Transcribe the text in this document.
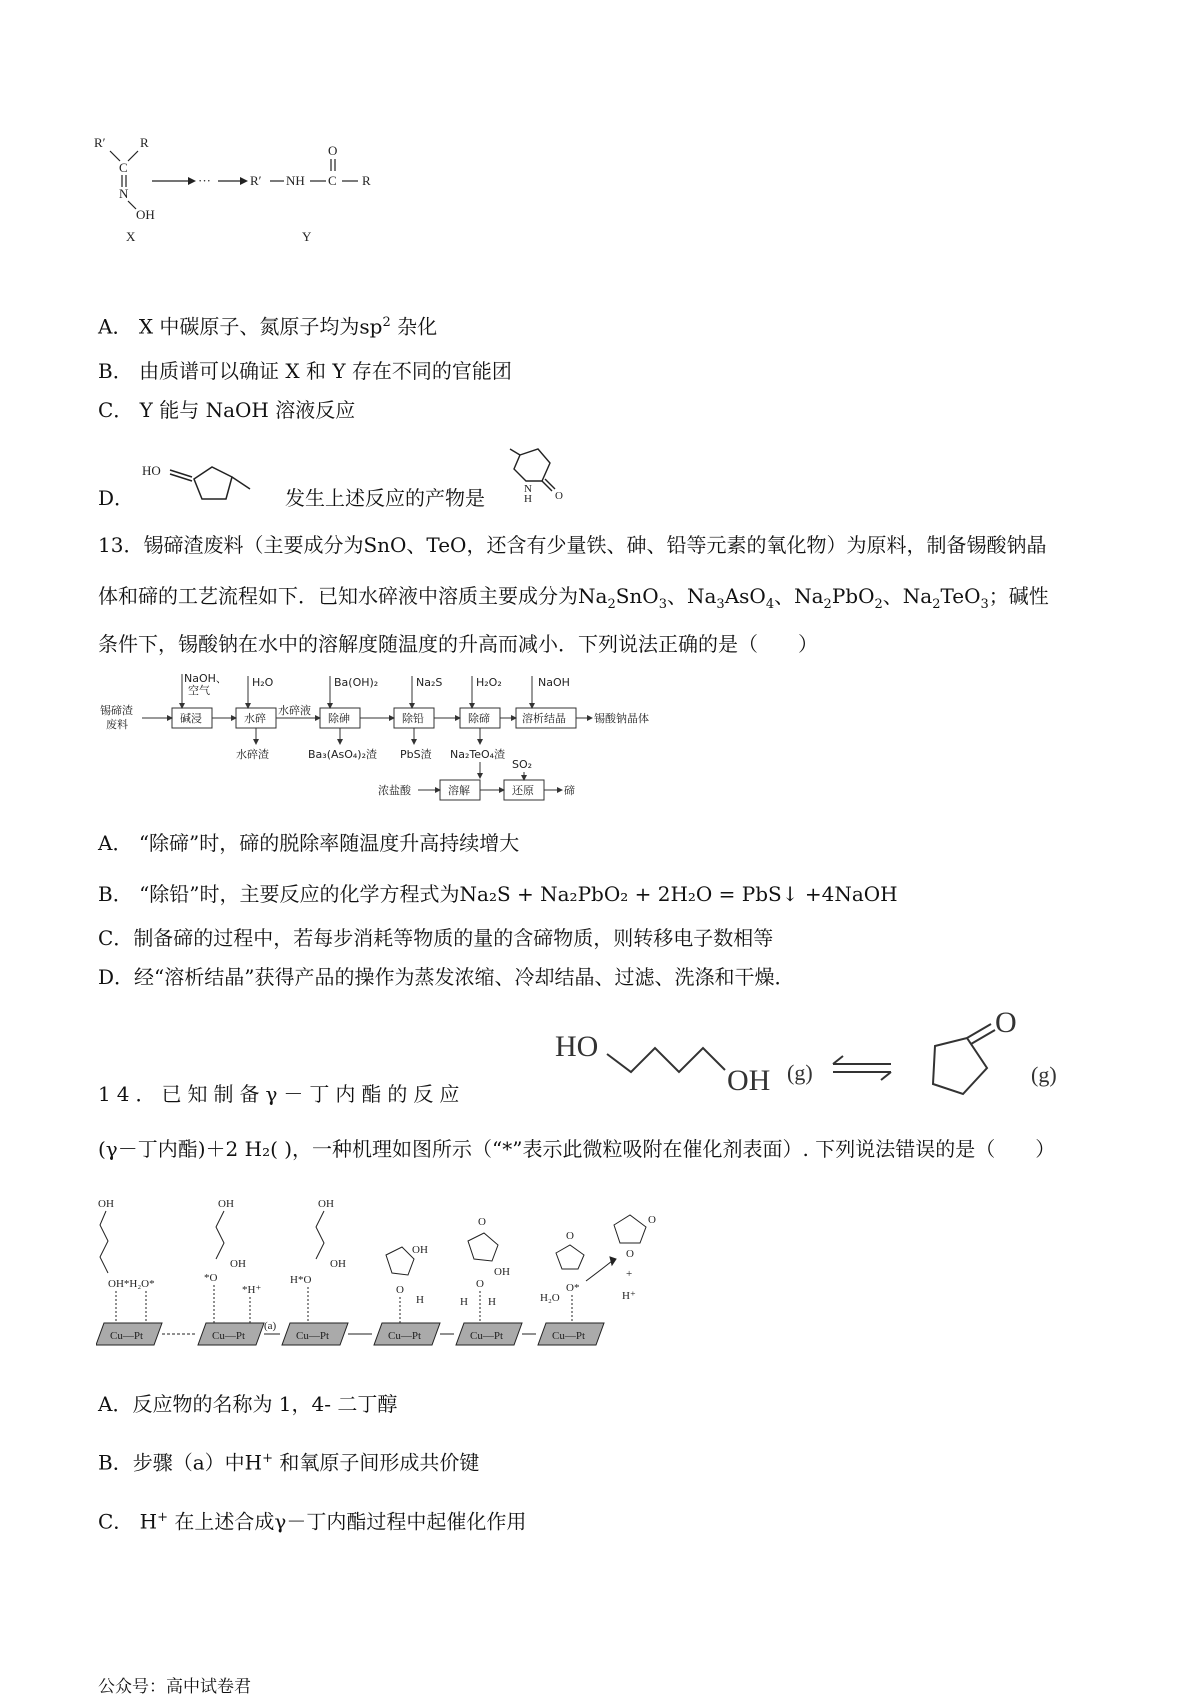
R′	R
C
N
OH
···	R′ NH C
O
R
X	Y
A． X 中碳原子、氮原子均为$sp^2$ 杂化
B． 由质谱可以确证 X 和 Y 存在不同的官能团
C． Y 能与 NaOH 溶液反应
D．
HO
发生上述反应的产物是	N
H O
13．锡碲渣废料（主要成分为SnO、TeO，还含有少量铁、砷、铅等元素的氧化物）为原料，制备锡酸钠晶
体和碲的工艺流程如下．已知水碎液中溶质主要成分为$Na_2SnO_3$、$Na_3AsO_4$、$Na_2PbO_2$、$Na_2TeO_3$；碱性
条件下，锡酸钠在水中的溶解度随温度的升高而减小．下列说法正确的是（　　）
锡碲渣
废料	碱浸
NaOH、
空气
水碎
H₂O
水碎渣
水碎液
除砷
Ba(OH)₂
Ba₃(AsO₄)₂渣
除铅
Na₂S
PbS渣
除碲
H₂O₂
Na₂TeO₄渣
溶析结晶
NaOH
锡酸钠晶体
浓盐酸	溶解	还原
SO₂
碲
A． “除碲”时，碲的脱除率随温度升高持续增大
B． “除铅”时，主要反应的化学方程式为Na₂S + Na₂PbO₂ + 2H₂O = PbS↓ +4NaOH
C．制备碲的过程中，若每步消耗等物质的量的含碲物质，则转移电子数相等
D．经“溶析结晶”获得产品的操作为蒸发浓缩、冷却结晶、过滤、洗涤和干燥．
HO
OH (g)
O
(g)
14．已知制备γ－丁内酯的反应
(γ－丁内酯)＋2 H₂( )，一种机理如图所示（“*”表示此微粒吸附在催化剂表面）. 下列说法错误的是（　　）
Cu—Pt	Cu—Pt	Cu—Pt	Cu—Pt	Cu—Pt	Cu—Pt
(a)
OH
OH*H₂O*
OH
OH
*O
*H⁺
OH
OH
H*O
OH
O
H
O
OH
O
H H
O
H₂O
O*
O
O
+
H⁺
A．反应物的名称为 1，4- 二丁醇
B．步骤（a）中H+ 和氧原子间形成共价键
C． H+ 在上述合成γ－丁内酯过程中起催化作用
公众号：高中试卷君
